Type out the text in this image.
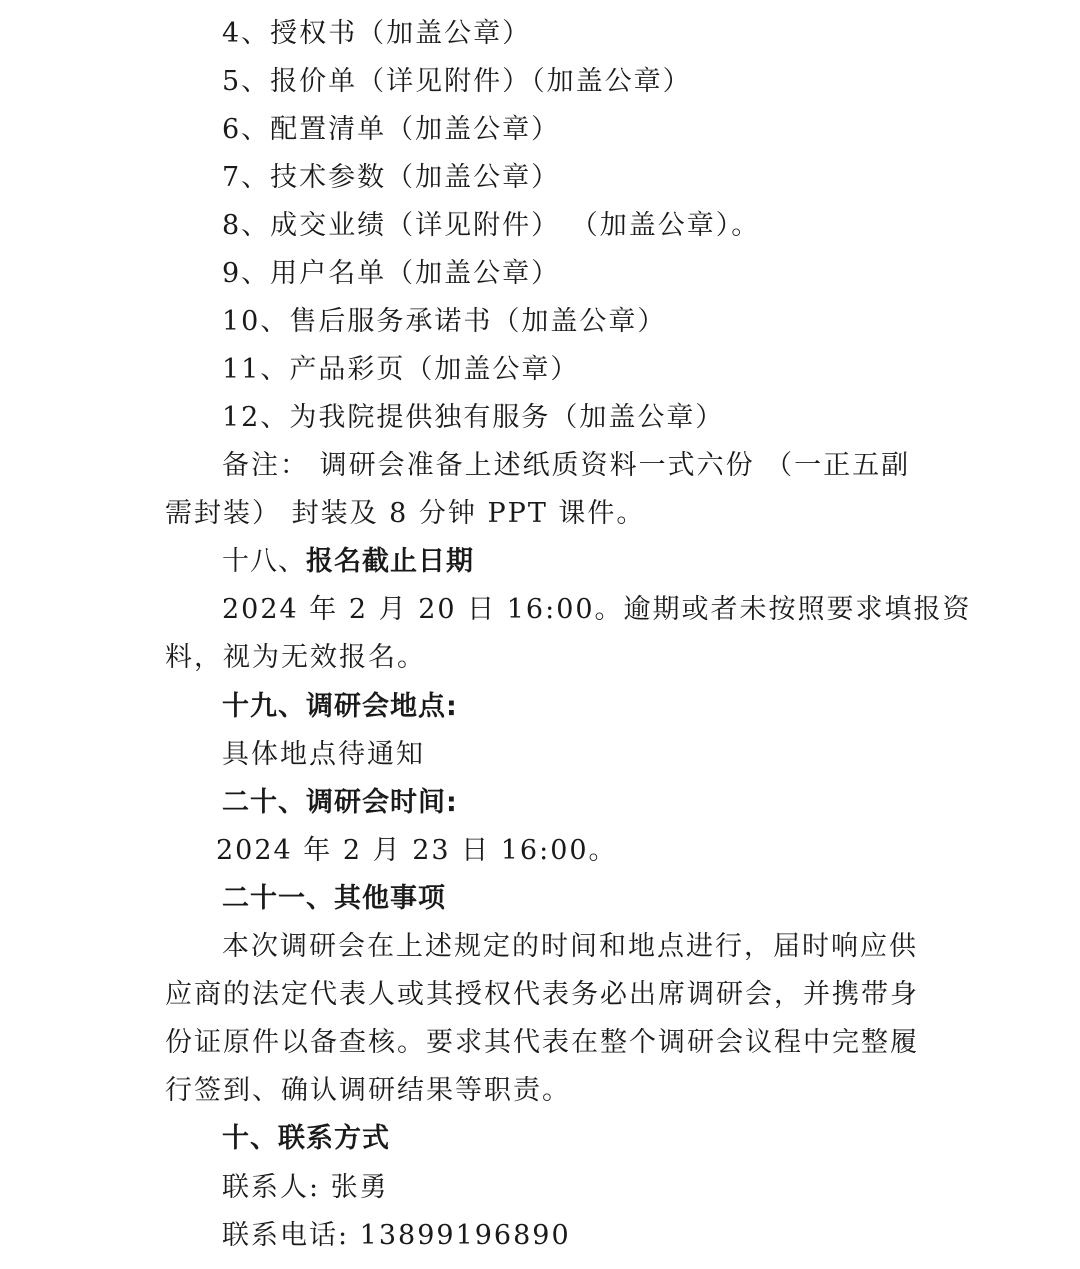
4、授权书（加盖公章）
5、报价单（详见附件）（加盖公章）
6、配置清单（加盖公章）
7、技术参数（加盖公章）
8、成交业绩（详见附件） （加盖公章）。
9、用户名单（加盖公章）
10、售后服务承诺书（加盖公章）
11、产品彩页（加盖公章）
12、为我院提供独有服务（加盖公章）
备注： 调研会准备上述纸质资料一式六份 （一正五副
需封装） 封装及 8 分钟 PPT 课件。
十八、报名截止日期
2024 年 2 月 20 日 16:00。逾期或者未按照要求填报资
料，视为无效报名。
十九、调研会地点:
具体地点待通知
二十、调研会时间:
2024 年 2 月 23 日 16:00。
二十一、其他事项
本次调研会在上述规定的时间和地点进行，届时响应供
应商的法定代表人或其授权代表务必出席调研会，并携带身
份证原件以备查核。要求其代表在整个调研会议程中完整履
行签到、确认调研结果等职责。
十、联系方式
联系人: 张勇
联系电话: 13899196890
